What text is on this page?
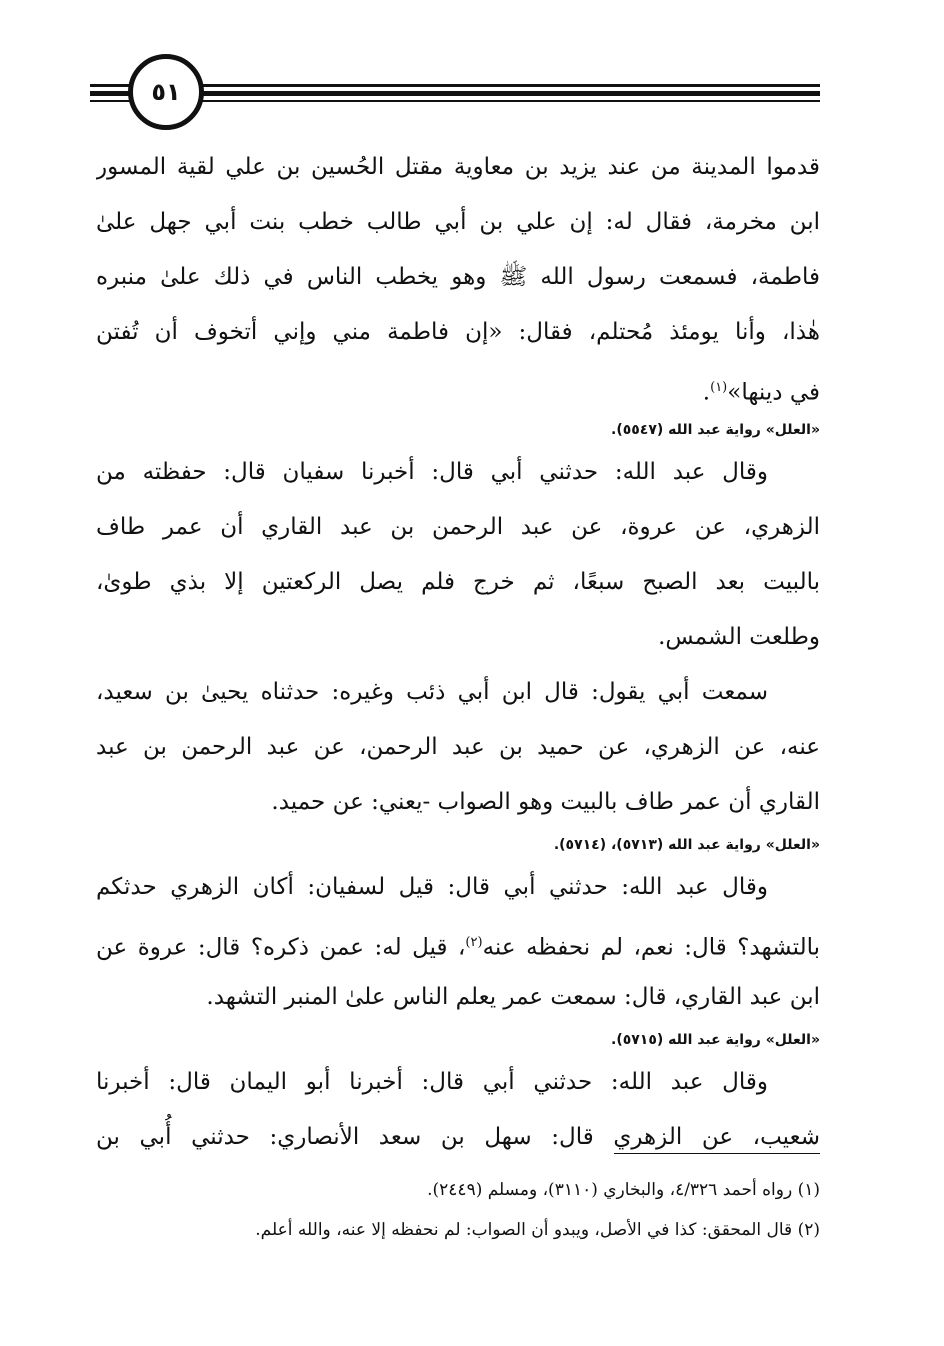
٥١

قدموا المدينة من عند يزيد بن معاوية مقتل الحُسين بن علي لقية المسور

ابن مخرمة، فقال له: إن علي بن أبي طالب خطب بنت أبي جهل علىٰ

فاطمة، فسمعت رسول الله ﷺ وهو يخطب الناس في ذلك علىٰ منبره

هٰذا، وأنا يومئذ مُحتلم، فقال: «إن فاطمة مني وإني أتخوف أن تُفتن

في دينها»$^{(١)}$.

«العلل» رواية عبد الله (٥٥٤٧).

وقال عبد الله: حدثني أبي قال: أخبرنا سفيان قال: حفظته من

الزهري، عن عروة، عن عبد الرحمن بن عبد القاري أن عمر طاف

بالبيت بعد الصبح سبعًا، ثم خرج فلم يصل الركعتين إلا بذي طوىٰ،

وطلعت الشمس.

سمعت أبي يقول: قال ابن أبي ذئب وغيره: حدثناه يحيىٰ بن سعيد،

عنه، عن الزهري، عن حميد بن عبد الرحمن، عن عبد الرحمن بن عبد

القاري أن عمر طاف بالبيت وهو الصواب -يعني: عن حميد.

«العلل» رواية عبد الله (٥٧١٣)، (٥٧١٤).

وقال عبد الله: حدثني أبي قال: قيل لسفيان: أكان الزهري حدثكم

بالتشهد؟ قال: نعم، لم نحفظه عنه$^{(٢)}$، قيل له: عمن ذكره؟ قال: عروة عن

ابن عبد القاري، قال: سمعت عمر يعلم الناس علىٰ المنبر التشهد.

«العلل» رواية عبد الله (٥٧١٥).

وقال عبد الله: حدثني أبي قال: أخبرنا أبو اليمان قال: أخبرنا

شعيب، عن الزهري قال: سهل بن سعد الأنصاري: حدثني أُبي بن

(١) رواه أحمد ٤/٣٢٦، والبخاري (٣١١٠)، ومسلم (٢٤٤٩).

(٢) قال المحقق: كذا في الأصل، ويبدو أن الصواب: لم نحفظه إلا عنه، والله أعلم.
